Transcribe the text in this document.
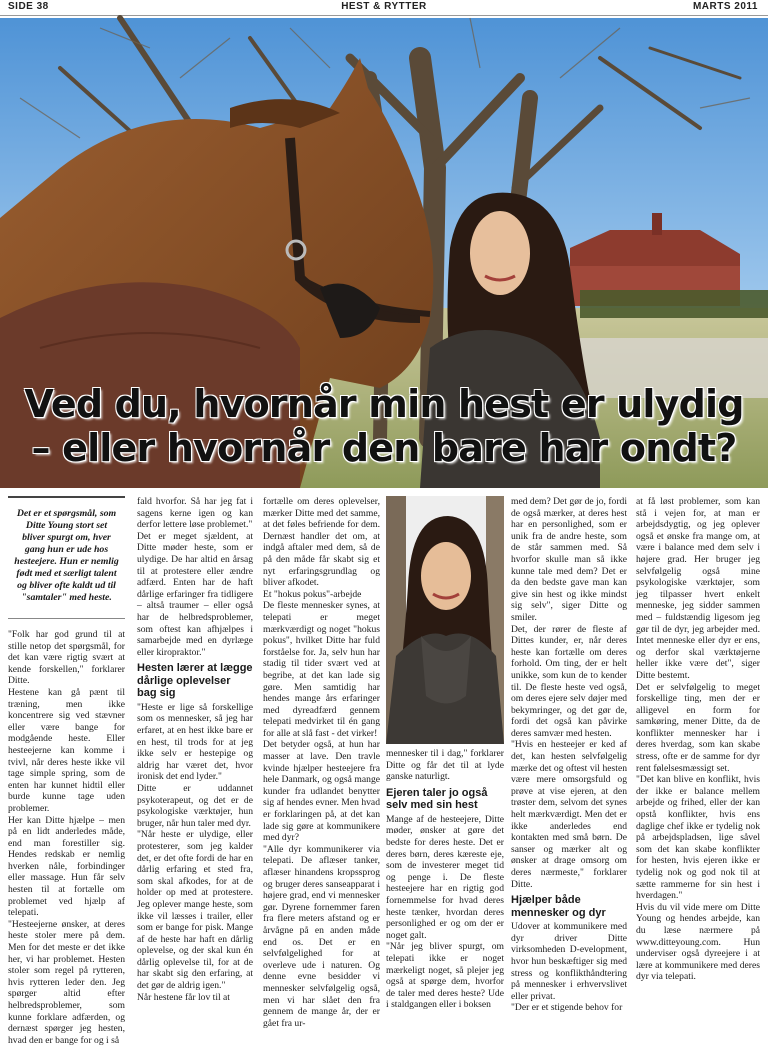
SIDE 38	HEST & RYTTER	MARTS 2011
Ved du, hvornår min hest er ulydig
– eller hvornår den bare har ondt?

Det er et spørgsmål, som Ditte Young stort set bliver spurgt om, hver gang hun er ude hos hesteejere. Hun er nemlig født med et særligt talent og bliver ofte kaldt ud til "samtaler" med heste.

"Folk har god grund til at stille netop det spørgsmål, for det kan være rigtig svært at kende forskellen," forklarer Ditte.

Hestene kan gå pænt til træning, men ikke koncentrere sig ved stævner eller være bange for modgående heste. Eller hesteejerne kan komme i tvivl, når deres heste ikke vil tage simple spring, som de enten har kunnet hidtil eller burde kunne tage uden problemer.

Her kan Ditte hjælpe – men på en lidt anderledes måde, end man forestiller sig. Hendes redskab er nemlig hverken nåle, forbindinger eller massage. Hun får selv hesten til at fortælle om problemet ved hjælp af telepati.

"Hesteejerne ønsker, at deres heste stoler mere på dem. Men for det meste er det ikke her, vi har problemet. Hesten stoler som regel på rytteren, hvis rytteren leder den. Jeg spørger altid efter helbredsproblemer, som kunne forklare adfærden, og dernæst spørger jeg hesten, hvad den er bange for og i så

fald hvorfor. Så har jeg fat i sagens kerne igen og kan derfor lettere løse problemet."

Det er meget sjældent, at Ditte møder heste, som er ulydige. De har altid en årsag til at protestere eller ændre adfærd. Enten har de haft dårlige erfaringer fra tidligere – altså traumer – eller også har de helbredsproblemer, som oftest kan afhjælpes i samarbejde med en dyrlæge eller kiropraktor."

Hesten lærer at lægge dårlige oplevelser bag sig

"Heste er lige så forskellige som os mennesker, så jeg har erfaret, at en hest ikke bare er en hest, til trods for at jeg ikke selv er hestepige og aldrig har været det, hvor ironisk det end lyder."

Ditte er uddannet psykoterapeut, og det er de psykologiske værktøjer, hun bruger, når hun taler med dyr.

"Når heste er ulydige, eller protesterer, som jeg kalder det, er det ofte fordi de har en dårlig erfaring et sted fra, som skal afkodes, for at de holder op med at protestere. Jeg oplever mange heste, som ikke vil læsses i trailer, eller som er bange for pisk. Mange af de heste har haft en dårlig oplevelse, og der skal kun én dårlig oplevelse til, for at de har skabt sig den erfaring, at det gør de aldrig igen."

Når hestene får lov til at

fortælle om deres oplevelser, mærker Ditte med det samme, at det føles befriende for dem. Dernæst handler det om, at indgå aftaler med dem, så de på den måde får skabt sig et nyt erfaringsgrundlag og bliver afkodet.

Et "hokus pokus"-arbejde

De fleste mennesker synes, at telepati er meget mærkværdigt og noget "hokus pokus", hvilket Ditte har fuld forståelse for. Ja, selv hun har stadig til tider svært ved at begribe, at det kan lade sig gøre. Men samtidig har hendes mange års erfaringer med dyreadfærd gennem telepati medvirket til én gang for alle at slå fast - det virker!

Det betyder også, at hun har masser at lave. Den travle kvinde hjælper hesteejere fra hele Danmark, og også mange kunder fra udlandet benytter sig af hendes evner. Men hvad er forklaringen på, at det kan lade sig gøre at kommunikere med dyr?

"Alle dyr kommunikerer via telepati. De aflæser tanker, aflæser hinandens kropssprog og bruger deres sanseapparat i højere grad, end vi mennesker gør. Dyrene fornemmer faren fra flere meters afstand og er årvågne på en anden måde end os. Det er en selvfølgelighed for at overleve ude i naturen. Og denne evne besidder vi mennesker selvfølgelig også, men vi har slået den fra gennem de mange år, der er gået fra ur-

mennesker til i dag," forklarer Ditte og får det til at lyde ganske naturligt.

Ejeren taler jo også selv med sin hest

Mange af de hesteejere, Ditte møder, ønsker at gøre det bedste for deres heste. Det er deres børn, deres kæreste eje, som de investerer meget tid og penge i. De fleste hesteejere har en rigtig god fornemmelse for hvad deres heste tænker, hvordan deres personlighed er og om der er noget galt.

"Når jeg bliver spurgt, om telepati ikke er noget mærkeligt noget, så plejer jeg også at spørge dem, hvorfor de taler med deres heste? Ude i staldgangen eller i boksen

med dem? Det gør de jo, fordi de også mærker, at deres hest har en personlighed, som er unik fra de andre heste, som de står sammen med. Så hvorfor skulle man så ikke kunne tale med dem? Det er da den bedste gave man kan give sin hest og ikke mindst sig selv", siger Ditte og smiler.

Det, der rører de fleste af Dittes kunder, er, når deres heste kan fortælle om deres forhold. Om ting, der er helt unikke, som kun de to kender til. De fleste heste ved også, om deres ejere selv døjer med bekymringer, og det gør de, fordi det også kan påvirke deres samvær med hesten.

"Hvis en hesteejer er ked af det, kan hesten selvfølgelig mærke det og oftest vil hesten være mere omsorgsfuld og prøve at vise ejeren, at den trøster dem, selvom det synes helt mærkværdigt. Men det er ikke anderledes end kontakten med små børn. De sanser og mærker alt og ønsker at drage omsorg om deres nærmeste," forklarer Ditte.

Hjælper både mennesker og dyr

Udover at kommunikere med dyr driver Ditte virksomheden D-evelopment, hvor hun beskæftiger sig med stress og konflikthåndtering på mennesker i erhvervslivet eller privat.

"Der er et stigende behov for

at få løst problemer, som kan stå i vejen for, at man er arbejdsdygtig, og jeg oplever også et ønske fra mange om, at være i balance med dem selv i højere grad. Her bruger jeg selvfølgelig også mine psykologiske værktøjer, som jeg tilpasser hvert enkelt menneske, jeg sidder sammen med – fuldstændig ligesom jeg gør til de dyr, jeg arbejder med. Intet menneske eller dyr er ens, og derfor skal værktøjerne heller ikke være det", siger Ditte bestemt.

Det er selvfølgelig to meget forskellige ting, men der er alligevel en form for samkøring, mener Ditte, da de konflikter mennesker har i deres hverdag, som kan skabe stress, ofte er de samme for dyr rent følelsesmæssigt set.

"Det kan blive en konflikt, hvis der ikke er balance mellem arbejde og frihed, eller der kan opstå konflikter, hvis ens daglige chef ikke er tydelig nok på arbejdspladsen, lige såvel som det kan skabe konflikter for hesten, hvis ejeren ikke er tydelig nok og god nok til at sætte rammerne for sin hest i hverdagen."

Hvis du vil vide mere om Ditte Young og hendes arbejde, kan du læse nærmere på www.ditteyoung.com. Hun underviser også dyreejere i at lære at kommunikere med deres dyr via telepati.
